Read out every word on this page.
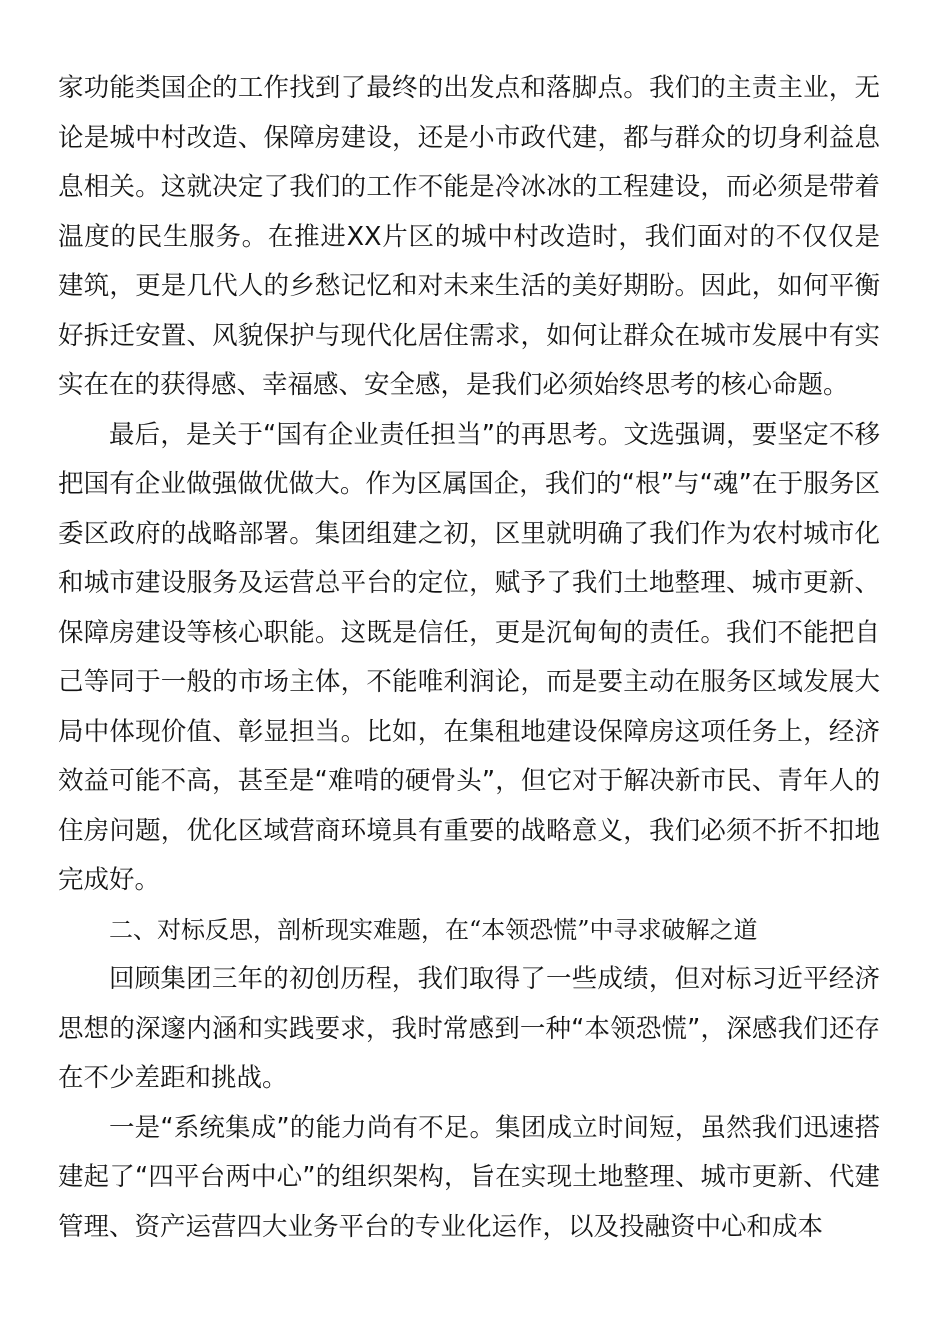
家功能类国企的工作找到了最终的出发点和落脚点。我们的主责主业，无论是城中村改造、保障房建设，还是小市政代建，都与群众的切身利益息息相关。这就决定了我们的工作不能是冷冰冰的工程建设，而必须是带着温度的民生服务。在推进XX片区的城中村改造时，我们面对的不仅仅是建筑，更是几代人的乡愁记忆和对未来生活的美好期盼。因此，如何平衡好拆迁安置、风貌保护与现代化居住需求，如何让群众在城市发展中有实实在在的获得感、幸福感、安全感，是我们必须始终思考的核心命题。

最后，是关于“国有企业责任担当”的再思考。文选强调，要坚定不移把国有企业做强做优做大。作为区属国企，我们的“根”与“魂”在于服务区委区政府的战略部署。集团组建之初，区里就明确了我们作为农村城市化和城市建设服务及运营总平台的定位，赋予了我们土地整理、城市更新、保障房建设等核心职能。这既是信任，更是沉甸甸的责任。我们不能把自己等同于一般的市场主体，不能唯利润论，而是要主动在服务区域发展大局中体现价值、彰显担当。比如，在集租地建设保障房这项任务上，经济效益可能不高，甚至是“难啃的硬骨头”，但它对于解决新市民、青年人的住房问题，优化区域营商环境具有重要的战略意义，我们必须不折不扣地完成好。

二、对标反思，剖析现实难题，在“本领恐慌”中寻求破解之道

回顾集团三年的初创历程，我们取得了一些成绩，但对标习近平经济思想的深邃内涵和实践要求，我时常感到一种“本领恐慌”，深感我们还存在不少差距和挑战。

一是“系统集成”的能力尚有不足。集团成立时间短，虽然我们迅速搭建起了“四平台两中心”的组织架构，旨在实现土地整理、城市更新、代建管理、资产运营四大业务平台的专业化运作，以及投融资中心和成本
